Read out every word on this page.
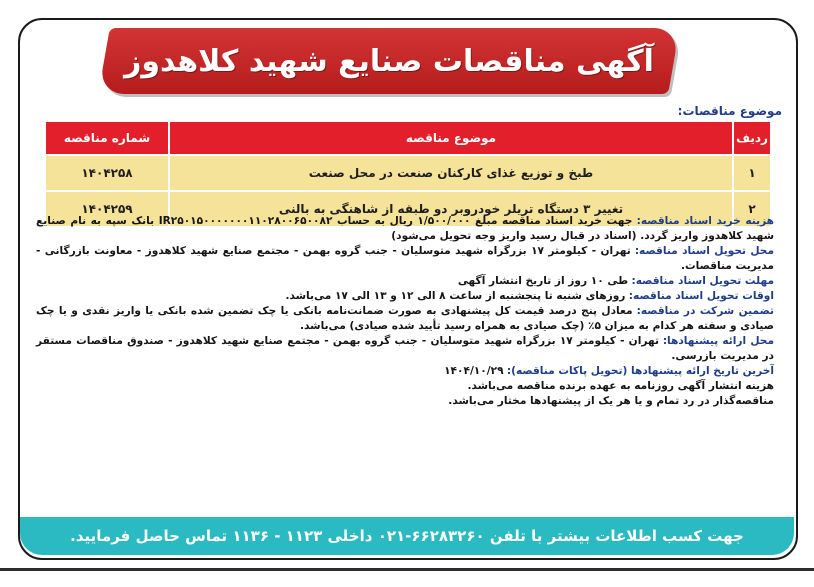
آگهی مناقصات صنایع شهید کلاهدوز
موضوع مناقصات:
ردیف	موضوع مناقصه	شماره مناقصه
۱	طبخ و توزیع غذای کارکنان صنعت در محل صنعت	۱۴۰۴۲۵۸
۲	تغییر ۳ دستگاه تریلر خودروبر دو طبقه از شاهنگی به بالنی	۱۴۰۴۲۵۹

هزینه خرید اسناد مناقصه: جهت خرید اسناد مناقصه مبلغ ۱/۵۰۰/۰۰۰ ریال به حساب IR۲۵۰۱۵۰۰۰۰۰۰۰۱۱۰۲۸۰۰۶۵۰۰۸۲ بانک سپه به نام صنایع شهید کلاهدوز واریز گردد. (اسناد در قبال رسید واریز وجه تحویل می‌شود)

محل تحویل اسناد مناقصه: تهران - کیلومتر ۱۷ بزرگراه شهید متوسلیان - جنب گروه بهمن - مجتمع صنایع شهید کلاهدوز - معاونت بازرگانی - مدیریت مناقصات.

مهلت تحویل اسناد مناقصه: طی ۱۰ روز از تاریخ انتشار آگهی

اوقات تحویل اسناد مناقصه: روزهای شنبه تا پنجشنبه از ساعت ۸ الی ۱۲ و ۱۳ الی ۱۷ می‌باشد.

تضمین شرکت در مناقصه: معادل پنج درصد قیمت کل پیشنهادی به صورت ضمانت‌نامه بانکی یا چک تضمین شده بانکی یا واریز نقدی و یا چک صیادی و سفته هر کدام به میزان ۵٪ (چک صیادی به همراه رسید تأیید شده صیادی) می‌باشد.

محل ارائه پیشنهادها: تهران - کیلومتر ۱۷ بزرگراه شهید متوسلیان - جنب گروه بهمن - مجتمع صنایع شهید کلاهدوز - صندوق مناقصات مستقر در مدیریت بازرسی.

آخرین تاریخ ارائه پیشنهادها (تحویل پاکات مناقصه): ۱۴۰۴/۱۰/۲۹

هزینه انتشار آگهی روزنامه به عهده برنده مناقصه می‌باشد.

مناقصه‌گذار در رد تمام و یا هر یک از پیشنهادها مختار می‌باشد.

جهت کسب اطلاعات بیشتر با تلفن ۶۶۲۸۳۲۶۰-۰۲۱ داخلی ۱۱۲۳ - ۱۱۳۶ تماس حاصل فرمایید.
